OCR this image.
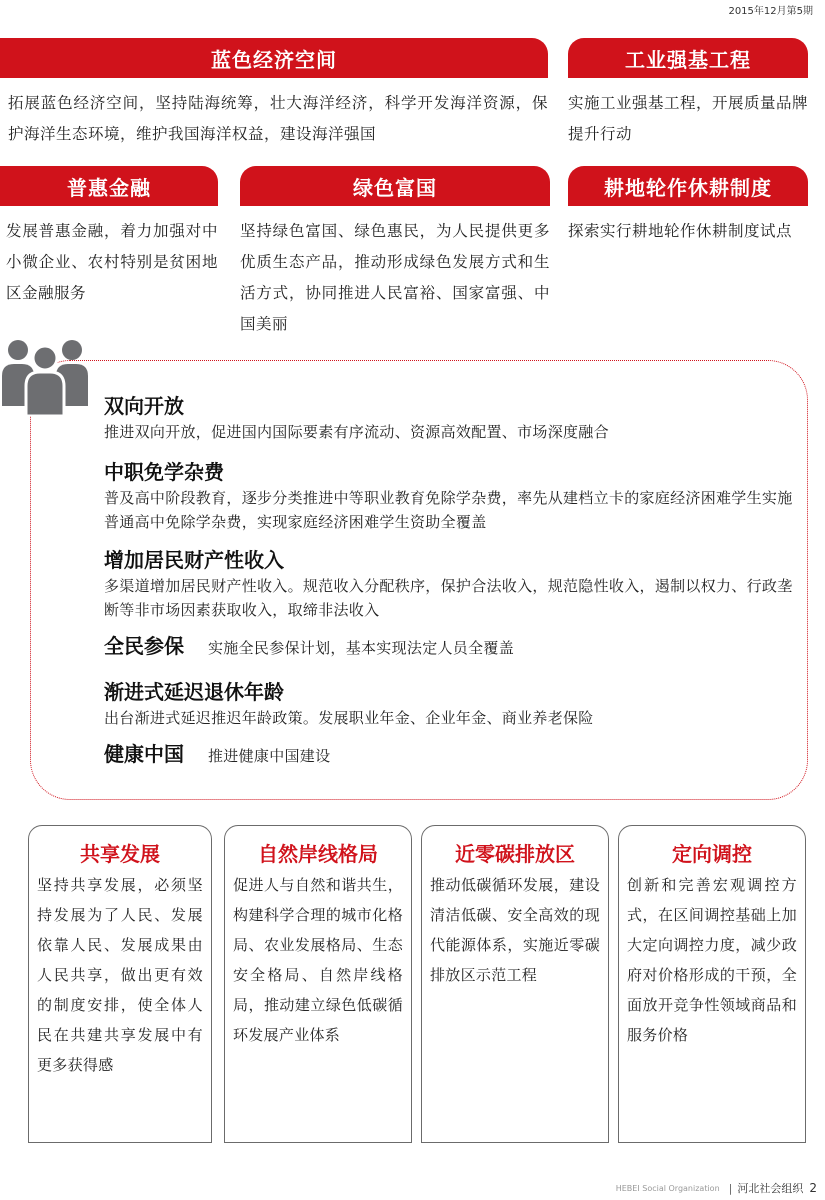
2015年12月第5期
蓝色经济空间
拓展蓝色经济空间，坚持陆海统筹，壮大海洋经济，科学开发海洋资源，保护海洋生态环境，维护我国海洋权益，建设海洋强国
工业强基工程
实施工业强基工程，开展质量品牌提升行动
普惠金融
发展普惠金融，着力加强对中小微企业、农村特别是贫困地区金融服务
绿色富国
坚持绿色富国、绿色惠民，为人民提供更多优质生态产品，推动形成绿色发展方式和生活方式，协同推进人民富裕、国家富强、中国美丽
耕地轮作休耕制度
探索实行耕地轮作休耕制度试点
双向开放
推进双向开放，促进国内国际要素有序流动、资源高效配置、市场深度融合
中职免学杂费
普及高中阶段教育，逐步分类推进中等职业教育免除学杂费，率先从建档立卡的家庭经济困难学生实施普通高中免除学杂费，实现家庭经济困难学生资助全覆盖
增加居民财产性收入
多渠道增加居民财产性收入。规范收入分配秩序，保护合法收入，规范隐性收入，遏制以权力、行政垄断等非市场因素获取收入，取缔非法收入
全民参保 实施全民参保计划，基本实现法定人员全覆盖
渐进式延迟退休年龄
出台渐进式延迟推迟年龄政策。发展职业年金、企业年金、商业养老保险
健康中国 推进健康中国建设
共享发展
坚持共享发展，必须坚持发展为了人民、发展依靠人民、发展成果由人民共享，做出更有效的制度安排，使全体人民在共建共享发展中有更多获得感
自然岸线格局
促进人与自然和谐共生，构建科学合理的城市化格局、农业发展格局、生态安全格局、自然岸线格局，推动建立绿色低碳循环发展产业体系
近零碳排放区
推动低碳循环发展，建设清洁低碳、安全高效的现代能源体系，实施近零碳排放区示范工程
定向调控
创新和完善宏观调控方式，在区间调控基础上加大定向调控力度，减少政府对价格形成的干预，全面放开竞争性领域商品和服务价格
HEBEI Social Organization | 河北社会组织 2
